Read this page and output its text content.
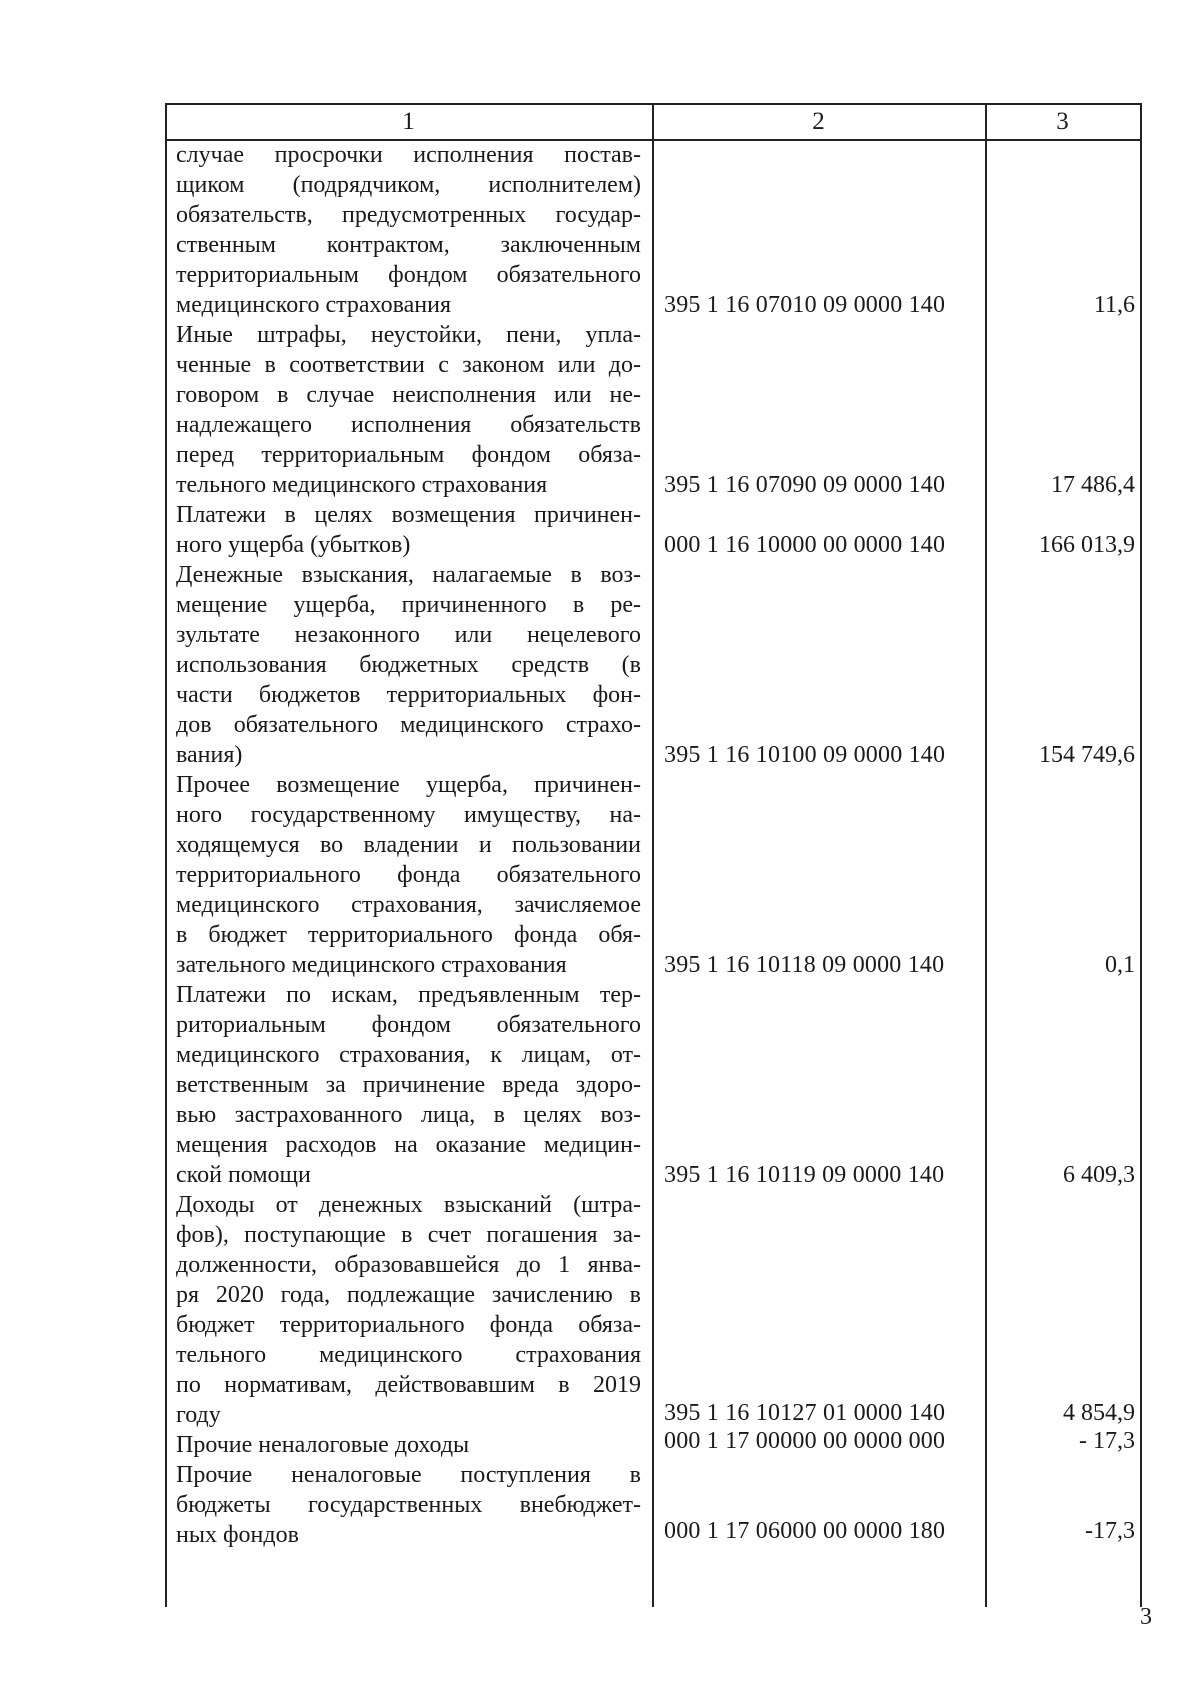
1	2	3
случае просрочки исполнения постав-
щиком (подрядчиком, исполнителем)
обязательств, предусмотренных государ-
ственным контрактом, заключенным
территориальным фондом обязательного
медицинского страхования	395 1 16 07010 09 0000 140	11,6
Иные штрафы, неустойки, пени, упла-
ченные в соответствии с законом или до-
говором в случае неисполнения или не-
надлежащего исполнения обязательств
перед территориальным фондом обяза-
тельного медицинского страхования	395 1 16 07090 09 0000 140	17 486,4
Платежи в целях возмещения причинен-
ного ущерба (убытков)	000 1 16 10000 00 0000 140	166 013,9
Денежные взыскания, налагаемые в воз-
мещение ущерба, причиненного в ре-
зультате незаконного или нецелевого
использования бюджетных средств (в
части бюджетов территориальных фон-
дов обязательного медицинского страхо-
вания)	395 1 16 10100 09 0000 140	154 749,6
Прочее возмещение ущерба, причинен-
ного государственному имуществу, на-
ходящемуся во владении и пользовании
территориального фонда обязательного
медицинского страхования, зачисляемое
в бюджет территориального фонда обя-
зательного медицинского страхования	395 1 16 10118 09 0000 140	0,1
Платежи по искам, предъявленным тер-
риториальным фондом обязательного
медицинского страхования, к лицам, от-
ветственным за причинение вреда здоро-
вью застрахованного лица, в целях воз-
мещения расходов на оказание медицин-
ской помощи	395 1 16 10119 09 0000 140	6 409,3
Доходы от денежных взысканий (штра-
фов), поступающие в счет погашения за-
долженности, образовавшейся до 1 янва-
ря 2020 года, подлежащие зачислению в
бюджет территориального фонда обяза-
тельного медицинского страхования
по нормативам, действовавшим в 2019
году	395 1 16 10127 01 0000 140	4 854,9
Прочие неналоговые доходы	000 1 17 00000 00 0000 000	- 17,3
Прочие неналоговые поступления в
бюджеты государственных внебюджет-
ных фондов	000 1 17 06000 00 0000 180	-17,3
3
